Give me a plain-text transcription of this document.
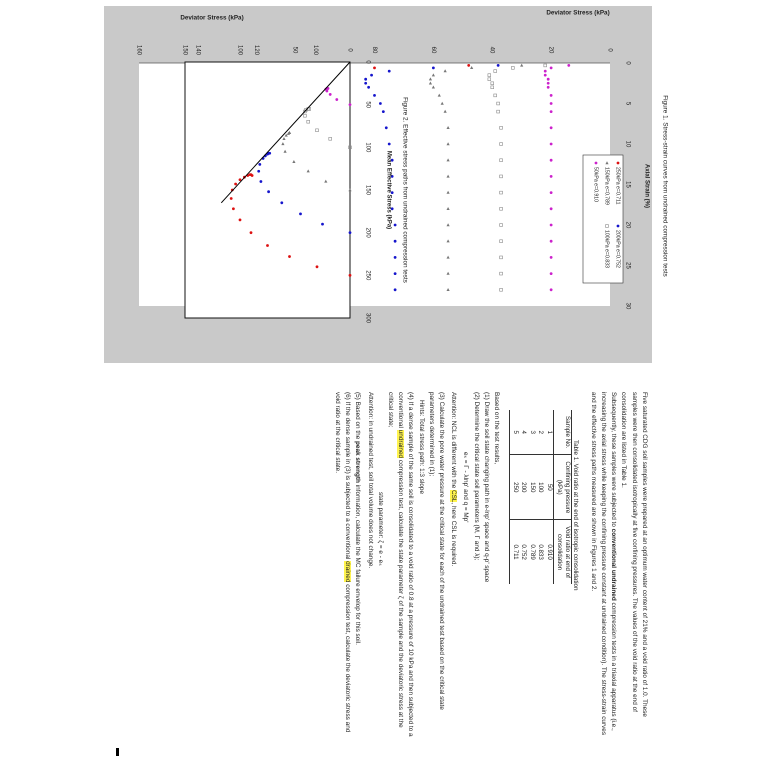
0
20
40
60
80
100
120
140
160
0
5
10
15
20
25
30
Deviator Stress (kPa)
Axial Strain (%) Figure 1. Stress-strain curves from undrained compression tests
250kPa e=0.711
200kPa e=0.752
150kPa e=0.789
100kPa e=0.833
50kPa e=0.910
0
50
100
150
0
50
100
150
200
250
300
Deviator Stress (kPa)
Mean Effective Stress (kPa) Figure 2. Effective stress paths from undrained compression tests

Five saturated CDG soil samples were prepared at an optimum water content of 21% and a void ratio of 1.0. These samples were then consolidated isotropically at five confining pressures. The values of the void ratio at the end of consolidation are listed in Table 1.

Subsequently, these samples were subjected to conventional undrained compression tests in a triaxial apparatus (i.e., increasing the axial stress while keeping the confining pressure constant at undrained condition). The stress-strain curves and the effective stress paths measured are shown in Figures 1 and 2.

Table 1. Void ratio at the end of isotropic consolidation
Sample No.	Confining pressure	Void ratio at end of
	(kPa)	consolidation
1	50	0.910
2	100	0.833
3	150	0.789
4	200	0.752
5	250	0.711

Based on the test results,

(1) Draw the soil state changing path in e-lnp' space and q-p' space

(2) Determine the critical state soil parameters (M, Γ and λ);

eₛ = Γ - λlnp' and q = Mp'

Attention: NCL is different with the CSL, here CSL is required.

(3) Calculate the pore water pressure at the critical state for each of the undrained test based on the critical state parameters determined in (1);

Hints: Total stress path: 1:3 slope

(4) If a dense sample of the same soil is consolidated to a void ratio of 0.8 at a pressure of 10 kPa and then subjected to a conventional undrained compression test, calculate the state parameter ζ of the sample and the deviatoric stress at the critical state;

state parameter: ζ = e - eₛ

Attention: in undrained test, soil total volume does not change.

(5) Based on the peak strength information, calculate the MC failure envelop for this soil.

(6) If the dense sample in (3) is subjected to a conventional drained compression test, calculate the deviatoric stress and void ratio at the critical state.
